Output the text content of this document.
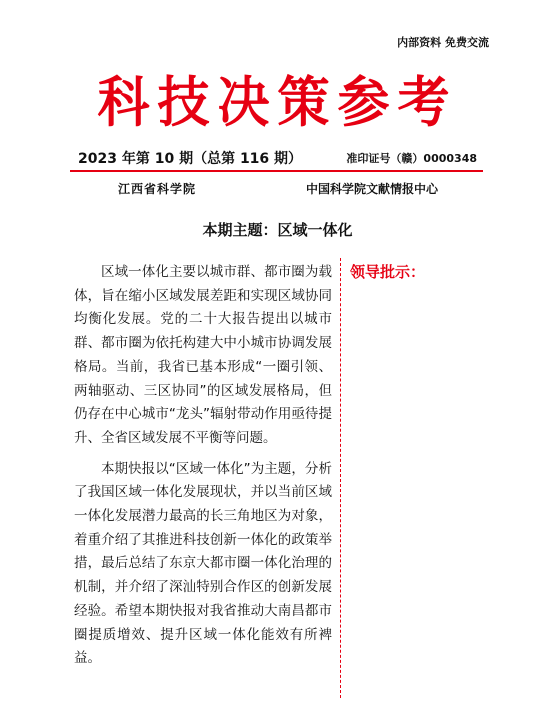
内部资料 免费交流
科技决策参考
2023 年第 10 期（总第 116 期）	准印证号（赣）0000348
江西省科学院	中国科学院文献情报中心
本期主题：区域一体化

区域一体化主要以城市群、都市圈为载体，旨在缩小区域发展差距和实现区域协同均衡化发展。党的二十大报告提出以城市群、都市圈为依托构建大中小城市协调发展格局。当前，我省已基本形成“一圈引领、两轴驱动、三区协同”的区域发展格局，但仍存在中心城市“龙头”辐射带动作用亟待提升、全省区域发展不平衡等问题。

本期快报以“区域一体化”为主题，分析了我国区域一体化发展现状，并以当前区域一体化发展潜力最高的长三角地区为对象，着重介绍了其推进科技创新一体化的政策举措，最后总结了东京大都市圈一体化治理的机制，并介绍了深汕特别合作区的创新发展经验。希望本期快报对我省推动大南昌都市圈提质增效、提升区域一体化能效有所裨益。

领导批示：
